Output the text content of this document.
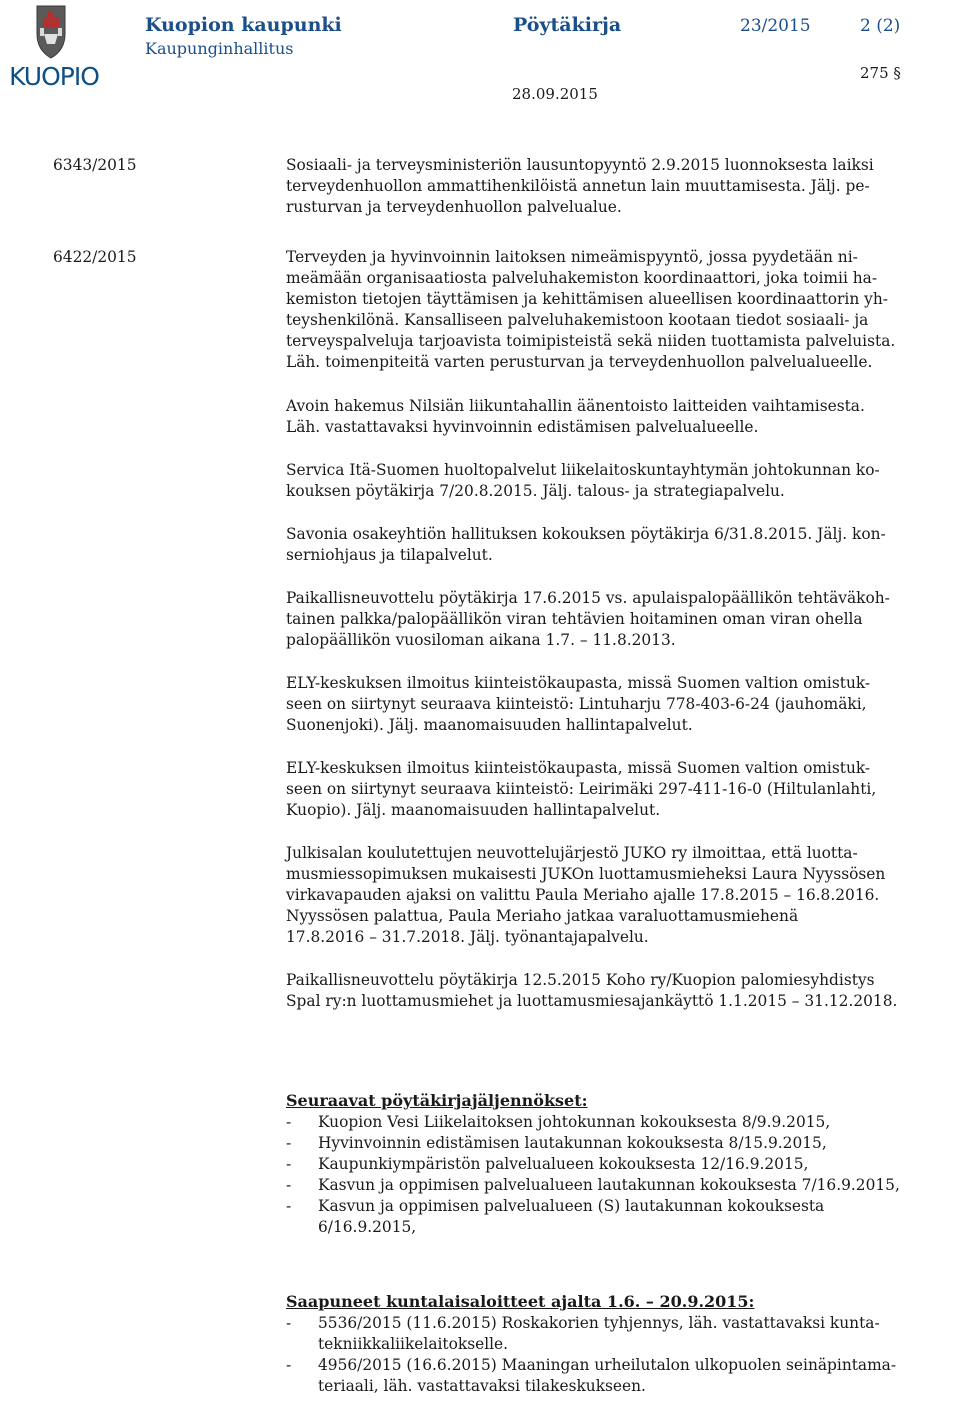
KUOPIO
Kuopion kaupunki
Kaupunginhallitus
Pöytäkirja	23/2015	2 (2)
275 §
28.09.2015
6343/2015	Sosiaali- ja terveysministeriön lausuntopyyntö 2.9.2015 luonnoksesta laiksi

terveydenhuollon ammattihenkilöistä annetun lain muuttamisesta. Jälj. pe-

rusturvan ja terveydenhuollon palvelualue.

6422/2015	Terveyden ja hyvinvoinnin laitoksen nimeämispyyntö, jossa pyydetään ni-

meämään organisaatiosta palveluhakemiston koordinaattori, joka toimii ha-

kemiston tietojen täyttämisen ja kehittämisen alueellisen koordinaattorin yh-

teyshenkilönä. Kansalliseen palveluhakemistoon kootaan tiedot sosiaali- ja

terveyspalveluja tarjoavista toimipisteistä sekä niiden tuottamista palveluista.

Läh. toimenpiteitä varten perusturvan ja terveydenhuollon palvelualueelle.

Avoin hakemus Nilsiän liikuntahallin äänentoisto laitteiden vaihtamisesta.

Läh. vastattavaksi hyvinvoinnin edistämisen palvelualueelle.

Servica Itä-Suomen huoltopalvelut liikelaitoskuntayhtymän johtokunnan ko-

kouksen pöytäkirja 7/20.8.2015. Jälj. talous- ja strategiapalvelu.

Savonia osakeyhtiön hallituksen kokouksen pöytäkirja 6/31.8.2015. Jälj. kon-

serniohjaus ja tilapalvelut.

Paikallisneuvottelu pöytäkirja 17.6.2015 vs. apulaispalopäällikön tehtäväkoh-

tainen palkka/palopäällikön viran tehtävien hoitaminen oman viran ohella

palopäällikön vuosiloman aikana 1.7. – 11.8.2013.

ELY-keskuksen ilmoitus kiinteistökaupasta, missä Suomen valtion omistuk-

seen on siirtynyt seuraava kiinteistö: Lintuharju 778-403-6-24 (jauhomäki,

Suonenjoki). Jälj. maanomaisuuden hallintapalvelut.

ELY-keskuksen ilmoitus kiinteistökaupasta, missä Suomen valtion omistuk-

seen on siirtynyt seuraava kiinteistö: Leirimäki 297-411-16-0 (Hiltulanlahti,

Kuopio). Jälj. maanomaisuuden hallintapalvelut.

Julkisalan koulutettujen neuvottelujärjestö JUKO ry ilmoittaa, että luotta-

musmiessopimuksen mukaisesti JUKOn luottamusmieheksi Laura Nyyssösen

virkavapauden ajaksi on valittu Paula Meriaho ajalle 17.8.2015 – 16.8.2016.

Nyyssösen palattua, Paula Meriaho jatkaa varaluottamusmiehenä

17.8.2016 – 31.7.2018. Jälj. työnantajapalvelu.

Paikallisneuvottelu pöytäkirja 12.5.2015 Koho ry/Kuopion palomiesyhdistys

Spal ry:n luottamusmiehet ja luottamusmiesajankäyttö 1.1.2015 – 31.12.2018.

Seuraavat pöytäkirjajäljennökset:

- Kuopion Vesi Liikelaitoksen johtokunnan kokouksesta 8/9.9.2015,
- Hyvinvoinnin edistämisen lautakunnan kokouksesta 8/15.9.2015,
- Kaupunkiympäristön palvelualueen kokouksesta 12/16.9.2015,
- Kasvun ja oppimisen palvelualueen lautakunnan kokouksesta 7/16.9.2015,
- Kasvun ja oppimisen palvelualueen (S) lautakunnan kokouksesta
6/16.9.2015,

Saapuneet kuntalaisaloitteet ajalta 1.6. – 20.9.2015:

- 5536/2015 (11.6.2015) Roskakorien tyhjennys, läh. vastattavaksi kunta-
tekniikkaliikelaitokselle.
- 4956/2015 (16.6.2015) Maaningan urheilutalon ulkopuolen seinäpintama-
teriaali, läh. vastattavaksi tilakeskukseen.
